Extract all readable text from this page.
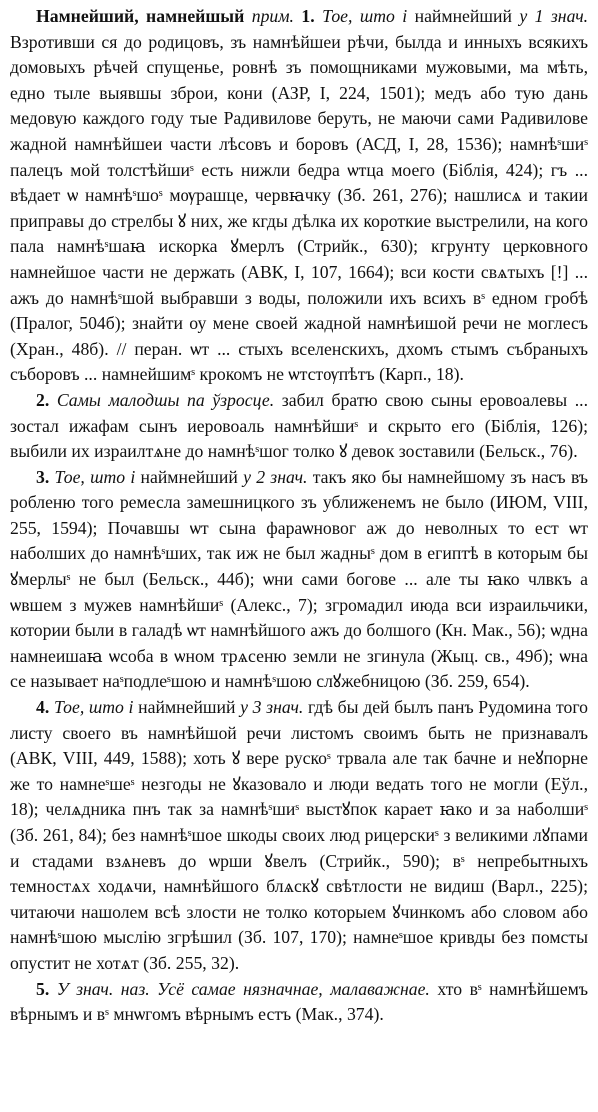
Намнейший, намнейшый прим. 1. Тое, што і наймнейший у 1 знач. Взротивши ся до родицовъ, зъ намнѣйшеи рѣчи, былда и инныхъ всякихъ домовыхъ рѣчей спущенье, ровнѣ зъ помощниками мужовыми, ма мѣть, едно тыле выявшы зброи, кони (АЗР, I, 224, 1501); медъ або тую дань медовую каждого году тые Радивилове беруть, не маючи сами Радивилове жадной намнѣйшеи части лѣсовъ и боровъ (АСД, I, 28, 1536); намнѣˢшиˢ палецъ мой толстѣйшиˢ есть нижли бедра ѡтца моего (Біблія, 424); гъ ... вѣдает ѡ намнѣˢшоˢ мѹрашце, червꙗчку (Зб. 261, 276); нашлисѧ и такии приправы до стрелбы ꙋ них, же кгды дѣлка их короткие выстрелили, на кого пала намнѣˢшаꙗ искорка ꙋмерлъ (Стрийк., 630); кгрунту церковного намнейшое части не держать (АВК, I, 107, 1664); вси кости свѧтыхъ [!] ... ажъ до намнѣˢшой выбравши з воды, положили ихъ всихъ вˢ едном гробѣ (Пралог, 504б); знайти оу мене своей жадной намнѣишой речи не моглесъ (Хран., 48б). // перан. ѡт ... стыхъ вселенскихъ, дхомъ стымъ събраныхъ съборовъ ... намнейшимˢ крокомъ не ѡтстѹпѣтъ (Карп., 18).

2. Самы малодшы па ўзросце. забил братю свою сыны еровоалевы ... зостал ижафам сынъ иеровоаль намнѣйшиˢ и скрыто его (Біблія, 126); выбили их израилтѧне до намнѣˢшог толко ꙋ девок зоставили (Бельск., 76).

3. Тое, што і наймнейший у 2 знач. такъ яко бы намнейшому зъ насъ въ робленю того ремесла замешницкого зъ уближенемъ не было (ИЮМ, VIII, 255, 1594); Почавшы ѡт сына фараѡновог аж до неволных то ест ѡт наболших до намнѣˢших, так иж не был жадныˢ дом в египтѣ в которым бы ꙋмерлыˢ не был (Бельск., 44б); ѡни сами богове ... але ты ꙗко члвкъ а ѡвшем з мужев намнѣйшиˢ (Алекс., 7); згромадил июда вси израильчики, котории были в галадѣ ѡт намнѣйшого ажъ до болшого (Кн. Мак., 56); ѡдна намнеишаꙗ ѡсоба в ѡном трѧсеню земли не згинула (Жыц. св., 49б); ѡна се называет наˢподлеˢшою и намнѣˢшою слꙋжебницою (Зб. 259, 654).

4. Тое, што і наймнейший у 3 знач. гдѣ бы дей былъ панъ Рудомина того листу своего въ намнѣйшой речи листомъ своимъ быть не признавалъ (АВК, VIII, 449, 1588); хоть ꙋ вере рускоˢ трвала але так бачне и неꙋпорне же то намнеˢшеˢ незгоды не ꙋказовало и люди ведать того не могли (Еўл., 18); челѧдника пнъ так за намнѣˢшиˢ выстꙋпок карает ꙗко и за наболшиˢ (Зб. 261, 84); без намнѣˢшое шкоды своих люд рицерскиˢ з великими лꙋпами и стадами взѧневъ до ѡрши ꙋвелъ (Стрийк., 590); вˢ непребытныхъ темностѧх ходѧчи, намнѣйшого блѧскꙋ свѣтлости не видиш (Варл., 225); читаючи нашолем всѣ злости не толко которыем ꙋчинкомъ або словом або намнѣˢшою мыслію згрѣшил (Зб. 107, 170); намнеˢшое кривды без помсты опустит не хотѧт (Зб. 255, 32).

5. У знач. наз. Усё самае нязначнае, малаважнае. хто вˢ намнѣйшемъ вѣрнымъ и вˢ мнѡгомъ вѣрнымъ естъ (Мак., 374).
